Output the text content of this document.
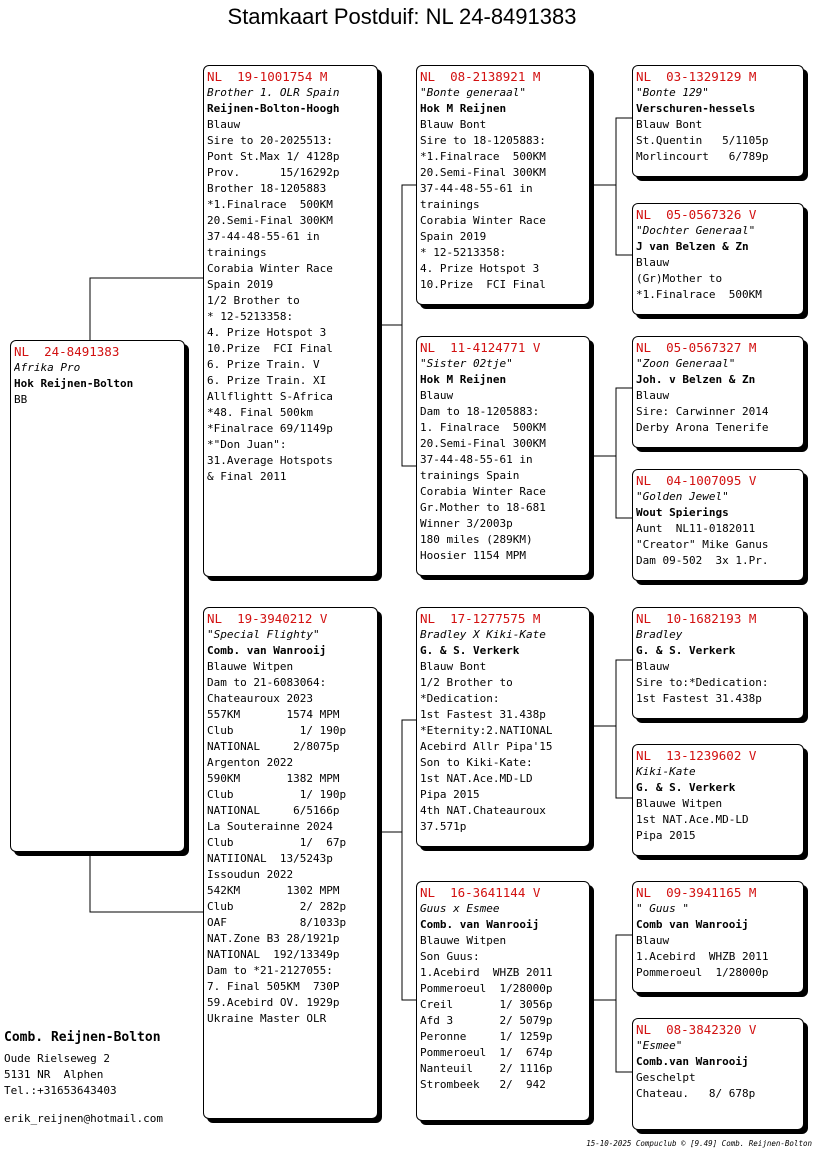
Stamkaart Postduif: NL 24-8491383
NL  24-8491383
Afrika Pro
Hok Reijnen-Bolton
BB
NL  19-1001754 M
Brother 1. OLR Spain
Reijnen-Bolton-Hoogh
Blauw
Sire to 20-2025513:
Pont St.Max 1/ 4128p
Prov.      15/16292p
Brother 18-1205883
*1.Finalrace  500KM
20.Semi-Final 300KM
37-44-48-55-61 in
trainings
Corabia Winter Race
Spain 2019
1/2 Brother to
* 12-5213358:
4. Prize Hotspot 3
10.Prize  FCI Final
6. Prize Train. V
6. Prize Train. XI
Allflightt S-Africa
*48. Final 500km
*Finalrace 69/1149p
*"Don Juan":
31.Average Hotspots
& Final 2011
NL  19-3940212 V
"Special Flighty"
Comb. van Wanrooij
Blauwe Witpen
Dam to 21-6083064:
Chateauroux 2023
557KM       1574 MPM
Club          1/ 190p
NATIONAL     2/8075p
Argenton 2022
590KM       1382 MPM
Club          1/ 190p
NATIONAL     6/5166p
La Souterainne 2024
Club          1/  67p
NATIIONAL  13/5243p
Issoudun 2022
542KM       1302 MPM
Club          2/ 282p
OAF           8/1033p
NAT.Zone B3 28/1921p
NATIONAL  192/13349p
Dam to *21-2127055:
7. Final 505KM  730P
59.Acebird OV. 1929p
Ukraine Master OLR
NL  08-2138921 M
"Bonte generaal"
Hok M Reijnen
Blauw Bont
Sire to 18-1205883:
*1.Finalrace  500KM
20.Semi-Final 300KM
37-44-48-55-61 in
trainings
Corabia Winter Race
Spain 2019
* 12-5213358:
4. Prize Hotspot 3
10.Prize  FCI Final
NL  11-4124771 V
"Sister 02tje"
Hok M Reijnen
Blauw
Dam to 18-1205883:
1. Finalrace  500KM
20.Semi-Final 300KM
37-44-48-55-61 in
trainings Spain
Corabia Winter Race
Gr.Mother to 18-681
Winner 3/2003p
180 miles (289KM)
Hoosier 1154 MPM
NL  17-1277575 M
Bradley X Kiki-Kate
G. & S. Verkerk
Blauw Bont
1/2 Brother to
*Dedication:
1st Fastest 31.438p
*Eternity:2.NATIONAL
Acebird Allr Pipa'15
Son to Kiki-Kate:
1st NAT.Ace.MD-LD
Pipa 2015
4th NAT.Chateauroux
37.571p
NL  16-3641144 V
Guus x Esmee
Comb. van Wanrooij
Blauwe Witpen
Son Guus:
1.Acebird  WHZB 2011
Pommeroeul  1/28000p
Creil       1/ 3056p
Afd 3       2/ 5079p
Peronne     1/ 1259p
Pommeroeul  1/  674p
Nanteuil    2/ 1116p
Strombeek   2/  942
NL  03-1329129 M
"Bonte 129"
Verschuren-hessels
Blauw Bont
St.Quentin   5/1105p
Morlincourt   6/789p
NL  05-0567326 V
"Dochter Generaal"
J van Belzen & Zn
Blauw
(Gr)Mother to
*1.Finalrace  500KM
NL  05-0567327 M
"Zoon Generaal"
Joh. v Belzen & Zn
Blauw
Sire: Carwinner 2014
Derby Arona Tenerife
NL  04-1007095 V
"Golden Jewel"
Wout Spierings
Aunt  NL11-0182011
"Creator" Mike Ganus
Dam 09-502  3x 1.Pr.
NL  10-1682193 M
Bradley
G. & S. Verkerk
Blauw
Sire to:*Dedication:
1st Fastest 31.438p
NL  13-1239602 V
Kiki-Kate
G. & S. Verkerk
Blauwe Witpen
1st NAT.Ace.MD-LD
Pipa 2015
NL  09-3941165 M
" Guus "
Comb van Wanrooij
Blauw
1.Acebird  WHZB 2011
Pommeroeul  1/28000p
NL  08-3842320 V
"Esmee"
Comb.van Wanrooij
Geschelpt
Chateau.   8/ 678p
Comb. Reijnen-Bolton
Oude Rielseweg 2
5131 NR  Alphen
Tel.:+31653643403
erik_reijnen@hotmail.com
15-10-2025 Compuclub © [9.49] Comb. Reijnen-Bolton
